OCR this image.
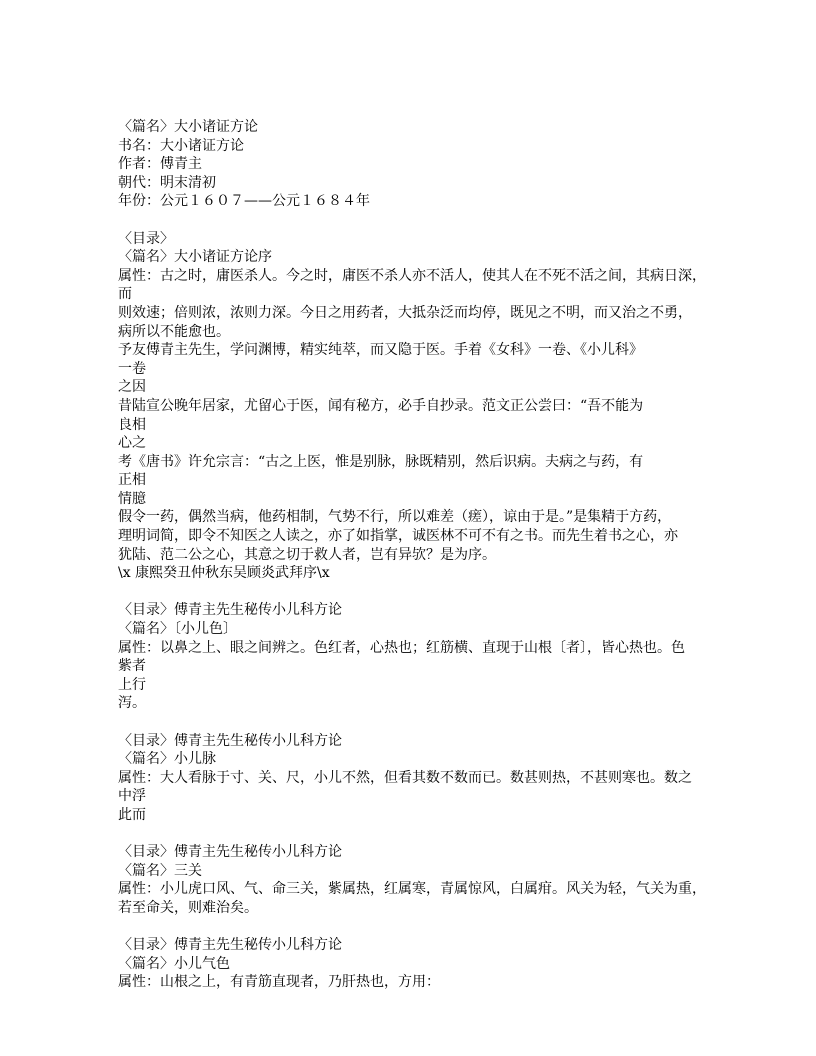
〈篇名〉大小诸证方论
书名：大小诸证方论
作者：傅青主
朝代：明末清初
年份：公元１６０７——公元１６８４年
〈目录〉
〈篇名〉大小诸证方论序
属性：古之时，庸医杀人。今之时，庸医不杀人亦不活人，使其人在不死不活之间，其病日深，
而
则效速；倍则浓，浓则力深。今日之用药者，大抵杂泛而均停，既见之不明，而又治之不勇，
病所以不能愈也。
予友傅青主先生，学问渊博，精实纯萃，而又隐于医。手着《女科》一卷、《小儿科》
一卷
之因
昔陆宣公晚年居家，尤留心于医，闻有秘方，必手自抄录。范文正公尝曰：“吾不能为
良相
心之
考《唐书》许允宗言：“古之上医，惟是别脉，脉既精别，然后识病。夫病之与药，有
正相
情臆
假令一药，偶然当病，他药相制，气势不行，所以难差（瘥），谅由于是。”是集精于方药，
理明词简，即令不知医之人读之，亦了如指掌，诚医林不可不有之书。而先生着书之心，亦
犹陆、范二公之心，其意之切于救人者，岂有异欤？是为序。
\x 康熙癸丑仲秋东吴顾炎武拜序\x
〈目录〉傅青主先生秘传小儿科方论
〈篇名〉〔小儿色〕
属性：以鼻之上、眼之间辨之。色红者，心热也；红筋横、直现于山根〔者〕，皆心热也。色
紫者
上行
泻。
〈目录〉傅青主先生秘传小儿科方论
〈篇名〉小儿脉
属性：大人看脉于寸、关、尺，小儿不然，但看其数不数而已。数甚则热，不甚则寒也。数之
中浮
此而
〈目录〉傅青主先生秘传小儿科方论
〈篇名〉三关
属性：小儿虎口风、气、命三关，紫属热，红属寒，青属惊风，白属疳。风关为轻，气关为重，
若至命关，则难治矣。
〈目录〉傅青主先生秘传小儿科方论
〈篇名〉小儿气色
属性：山根之上，有青筋直现者，乃肝热也，方用：
